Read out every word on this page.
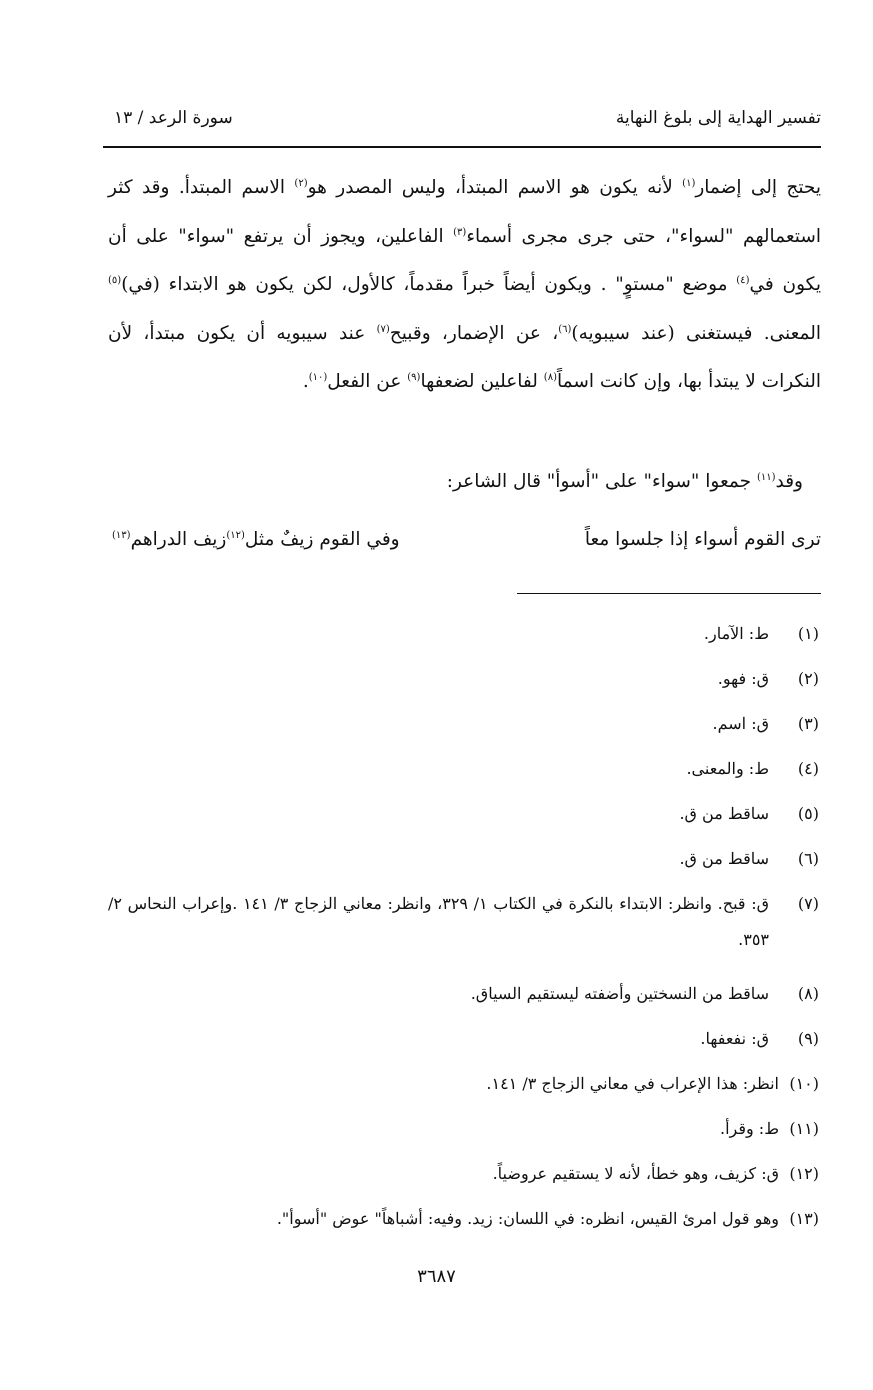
تفسير الهداية إلى بلوغ النهاية
سورة الرعد / ١٣

يحتج إلى إضمار$^{(١)}$ لأنه يكون هو الاسم المبتدأ، وليس المصدر هو$^{(٢)}$ الاسم المبتدأ. وقد كثر استعمالهم "لسواء"، حتى جرى مجرى أسماء$^{(٣)}$ الفاعلين، ويجوز أن يرتفع "سواء" على أن يكون في$^{(٤)}$ موضع "مستوٍ" . ويكون أيضاً خبراً مقدماً، كالأول، لكن يكون هو الابتداء (في)$^{(٥)}$ المعنى. فيستغنى (عند سيبويه)$^{(٦)}$، عن الإضمار، وقبيح$^{(٧)}$ عند سيبويه أن يكون مبتدأ، لأن النكرات لا يبتدأ بها، وإن كانت اسماً$^{(٨)}$ لفاعلين لضعفها$^{(٩)}$ عن الفعل$^{(١٠)}$.

وقد$^{(١١)}$ جمعوا "سواء" على "أسوأ" قال الشاعر:
ترى القوم أسواء إذا جلسوا معاً
وفي القوم زيفٌ مثل$^{(١٢)}$زيف الدراهم$^{(١٣)}$
(١)
ط: الآمار.
(٢)
ق: فهو.
(٣)
ق: اسم.
(٤)
ط: والمعنى.
(٥)
ساقط من ق.
(٦)
ساقط من ق.
(٧)
ق: قبح. وانظر: الابتداء بالنكرة في الكتاب ١/ ٣٢٩، وانظر: معاني الزجاج ٣/ ١٤١ .وإعراب النحاس ٢/ ٣٥٣.
(٨)
ساقط من النسختين وأضفته ليستقيم السياق.
(٩)
ق: نفعفها.
(١٠)
انظر: هذا الإعراب في معاني الزجاج ٣/ ١٤١.
(١١)
ط: وقرأ.
(١٢)
ق: كزيف، وهو خطأ، لأنه لا يستقيم عروضياً.
(١٣)
وهو قول امرئ القيس، انظره: في اللسان: زيد. وفيه: أشباهاً" عوض "أسوأ".
٣٦٨٧
